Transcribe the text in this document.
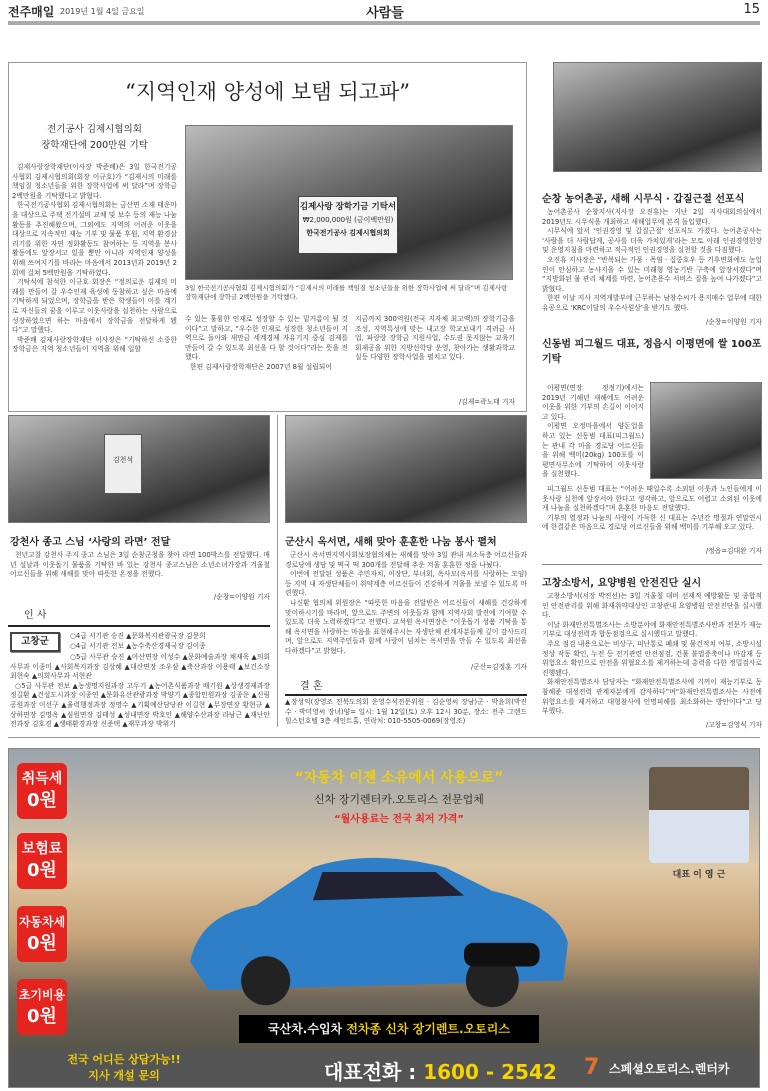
전주매일 2019년 1월 4일 금요일	사람들	15
“지역인재 양성에 보탬 되고파”
전기공사 김제시협의회
장학재단에 200만원 기탁

김제사랑장학재단(이사장 박준배)은 3일 한국전기공사협회 김제시협의회(회장 이규호)가 “김제시의 미래를 책임질 청소년들을 위한 장학사업에 써 달라”며 장학금 2백만원을 기탁했다고 밝혔다.

한국전기공사협회 김제시협의회는 금산면 소재 태운마을 대상으로 주택 전기설비 교체 및 보수 등의 재능 나눔 활동을 추진해왔으며, 그외에도 지역의 어려운 이웃을 대상으로 지속적인 재능 기부 및 물품 후원, 지역 환경살리기를 위한 자연 정화활동도 참여하는 등 지역을 봉사활동에도 앞장서고 있을 뿐만 아니라 지역인재 양성을 위해 쓰여지기를 바라는 마음에서 2013년과 2019년 2회에 걸쳐 5백만원을 기탁하였다.

기탁식에 참석한 이규호 회장은 “정의로운 김제의 미래를 만들어 갈 우수인재 육성에 동참하고 싶은 마음에 기탁하게 되었으며, 장학금을 받은 학생들이 이를 계기로 자신들의 꿈을 이루고 이웃사랑을 실천하는 사람으로 성장하였으면 하는 마음에서 장학금을 전달하게 됐다”고 말했다.

박준배 김제사랑장학재단 이사장은 “기탁하신 소중한 장학금은 지역 청소년들이 지역을 위해 일할

김제사랑 장학기금 기탁서
₩2,000,000원 (금이백만원)
한국전기공사 김제시협의회
3일 한국전기공사협회 김제시협의회가 “김제시의 미래를 책임질 청소년들을 위한 장학사업에 써 달라”며 김제사랑장학재단에 장학금 2백만원을 기탁했다.

수 있는 훌륭한 인재로 성장할 수 있는 밑거름이 될 것이다”고 말하고, “우수한 인재로 성장한 청소년들이 지역으로 돌아와 새만금 세계경제 자유기지 중심 김제를 만들어 갈 수 있도록 최선을 다 할 것이다”라는 뜻을 전했다.

한편 김제사랑장학재단은 2007년 8월 설립되어

지금까지 300억원(전국 지자체 최고액)의 장학기금을 조성, 지역특성에 맞는 내고장 학교보내기 격려금 사업, 파랑랑 장학금 지원사업, 수도권 못지않는 교육기회제공을 위한 지방선학당 운영, 찾아가는 생활과학교실등 다양한 장학사업을 펼치고 있다.

/김제=곽노태 기자
순창 농어촌공, 새해 시무식 · 갑질근절 선포식

농어촌공사 순창지사(지사장 오진휴)는 지난 2일 지사대회의실에서 2019년도 시무식을 개최하고 새해업무에 본격 돌입했다.

시무식에 앞서 ‘인권경영 및 갑질근절’ 선포식도 가졌다. 농어촌공사는 ‘사람을 더 사람답게, 공사를 더욱 가치있게’라는 모토 아래 인권경영헌장 및 운영지침을 마련하고 적극적인 인권경영을 실천할 것을 다짐했다.

오진휴 지사장은 “반복되는 가뭄 · 폭염 · 집중호우 등 기후변화에도 농업인이 안심하고 농사지을 수 있는 미래형 영농기반 구축에 앞장서겠다”며 “지방화된 물 관리 체계를 마련, 농어촌용수 서비스 질을 높여 나가겠다”고 밝혔다.

한편 이날 지사 지역개발부에 근무하는 남창수씨가 용지매수 업무에 대한 유공으로 ‘KRC이달의 우수사원상’을 받기도 했다.

/순창=이양원 기자
신동범 피그월드 대표, 정읍시 이평면에 쌀 100포 기탁

이평면(면장 정정기)에서는 2019년 기해년 새해에도 어려운 이웃을 위한 기부의 손길이 이어지고 있다.

이평면 오정마을에서 양돈업을 하고 있는 신동범 대표(피그월드)는 관내 각 마을 경로당 어르신들을 위해 백미(20kg) 100포를 이평면사무소에 기탁하여 이웃사랑을 실천했다.

피그월드 신동범 대표는 “어려운 때일수록 소외된 이웃과 노인들에게 이웃사랑 실천에 앞장서야 한다고 생각하고, 앞으로도 어렵고 소외된 이웃에게 나눔을 실천하겠다”며 훈훈한 마음도 전달했다.

기부의 열정과 나눔의 사랑이 가득한 신 대표는 수년간 명절과 연말연시에 한결같은 마음으로 경로당 어르신들을 위해 백미를 기부해 오고 있다.

/정읍=김대완 기자
고창소방서, 요양병원 안전진단 실시

고창소방서(서장 박진선)는 3일 겨울철 대비 선제적 예방활동 및 종합적인 안전관리를 위해 화재취약대상인 고창관내 요양병원 안전진단을 실시했다.

이날 화재안전특별조사는 소방분야에 화재안전특별조사반과 전문가 재능기부로 대성전력과 합동점검으로 실시했다고 말했다.

주요 점검 내용으로는 비상구, 피난통로 폐쇄 및 물건적치 여부, 소방시설 정상 작동 확인, 누전 등 전기관련 안전점검, 건물 불법증축이나 마감재 등 위험요소 확인으로 안전을 위협요소를 제거하는데 총력을 다한 정밀검사로 진행됐다.

화재안전특별조사 담당자는 “화재안전특별조사에 기꺼이 재능기부로 동참해준 대성전력 관계자분에게 감사하다”며“화재안전특별조사는 사전에 위험요소를 제거하고 대형참사에 인명피해를 최소화하는 방안이다”고 당부했다.

/고창=김영식 기자
김천석
강천사 종고 스님 ‘사랑의 라면’ 전달

천년고찰 강천사 주지 종고 스님은 3일 순창군청을 찾아 라면 100박스를 전달했다. 매년 설날과 이웃돕기 물품을 기탁한 바 있는 강천사 종고스님은 소년소녀가장과 겨울철 어르신들을 위해 새해를 맞아 따뜻한 온정을 전했다.

/순창=이양원 기자
인 사
고창군	○4급 서기관 승진 ▲문화복지관광국장 김문희
○4급 서기관 전보 ▲농수축산경제국장 김이종

○5급 사무관 승진 ▲아산면장 이성수 ▲문화예술과장 채재욱 ▲의회사무과 이종미 ▲사회복지과장 김상혜 ▲대산면장 조우삼 ▲축산과장 이용태 ▲보건소장 최현숙 ▲의회사무과 서현관

○5급 사무관 전보 ▲농생명지원과장 고두기 ▲농어촌식품과장 배기원 ▲상생경제과장 정길환 ▲건설도시과장 이종연 ▲문화유산관광과장 박양기 ▲종합민원과장 김종운 ▲신림공원과장 이선구 ▲율력행정과장 정명수 ▲기획예산담당관 이길현 ▲무장면장 황현규 ▲상하면장 김명옥 ▲심원면장 김태성 ▲성내면장 박호인 ▲해양수산과장 라남근 ▲재난안전과장 김호경 ▲생태환경과장 신준택 ▲재무과장 박위기

군산시 옥서면, 새해 맞아 훈훈한 나눔 봉사 펼쳐

군산시 옥서면지역사회보장협의체는 새해를 맞아 3일 관내 저소득층 어르신들과 경로당에 생담 및 떡국 떡 300개를 전달해 추운 겨울 훈훈한 정을 나눴다.

이번에 전달된 성품은 주민자치, 이장단, 부녀회, 옥사모(옥서를 사랑하는 모임) 등 지역 내 자생단체들이 취약계층 어르신들이 건강하게 겨울을 보낼 수 있도록 마련했다.

나신환 협의체 위원장은 “따뜻한 마음을 전달받은 어르신들이 새해를 건강하게 맞이하시기를 바라며, 앞으로도 주변의 이웃들과 함께 지역사회 발전에 기여할 수 있도록 더욱 노력하겠다”고 전했다. 교석원 옥서면장은 “이웃돕기 성품 기탁을 통해 옥서면을 사랑하는 마음을 표현해주시는 자생단체 관계자분들께 깊이 감사드리며, 앞으로도 지역주민들과 함께 사랑이 넘치는 옥서면을 만들 수 있도록 최선을 다하겠다”고 밝혔다.

/군산=김정훈 기자
결 혼
▲장성익(장영조 전북도의회 운영수석전문위원 · 김순영씨 장남)군 · 박윤희(박진수 · 박미영씨 장녀)양= 일시: 1월 12일(토) 오후 12시 30분, 장소: 전주 그랜드힐스턴호텔 3층 세인트홀, 연락처: 010-5505-0069(장영조)
취득세
0원
보험료
0원
자동차세
0원
초기비용
0원
“자동차 이젠 소유에서 사용으로”
신차 장기렌터카.오토리스 전문업체
“월사용료는 전국 최저 가격”
대표 이 영 근
국산차.수입차 전차종 신차 장기렌트.오토리스
전국 어디든 상담가능!!
지사 개설 문의	대표전화 : 1600 - 2542 7 스페셜오토리스.렌터카
